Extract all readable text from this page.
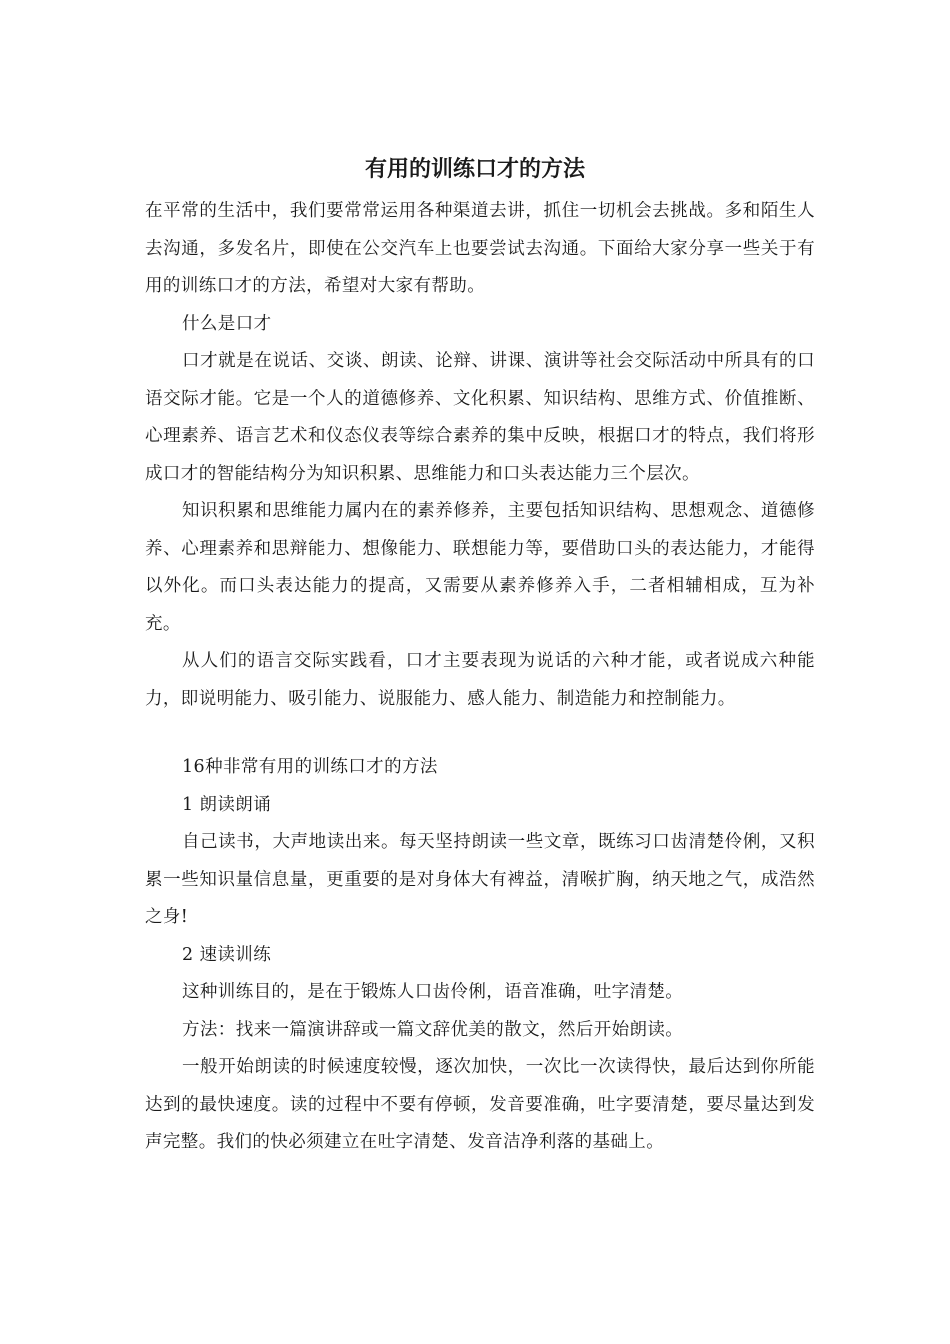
有用的训练口才的方法

在平常的生活中，我们要常常运用各种渠道去讲，抓住一切机会去挑战。多和陌生人去沟通，多发名片，即使在公交汽车上也要尝试去沟通。下面给大家分享一些关于有用的训练口才的方法，希望对大家有帮助。

什么是口才

口才就是在说话、交谈、朗读、论辩、讲课、演讲等社会交际活动中所具有的口语交际才能。它是一个人的道德修养、文化积累、知识结构、思维方式、价值推断、心理素养、语言艺术和仪态仪表等综合素养的集中反映，根据口才的特点，我们将形成口才的智能结构分为知识积累、思维能力和口头表达能力三个层次。

知识积累和思维能力属内在的素养修养，主要包括知识结构、思想观念、道德修养、心理素养和思辩能力、想像能力、联想能力等，要借助口头的表达能力，才能得以外化。而口头表达能力的提高，又需要从素养修养入手，二者相辅相成，互为补充。

从人们的语言交际实践看，口才主要表现为说话的六种才能，或者说成六种能力，即说明能力、吸引能力、说服能力、感人能力、制造能力和控制能力。

16种非常有用的训练口才的方法

1 朗读朗诵

自己读书，大声地读出来。每天坚持朗读一些文章，既练习口齿清楚伶俐，又积累一些知识量信息量，更重要的是对身体大有裨益，清喉扩胸，纳天地之气，成浩然之身!

2 速读训练

这种训练目的，是在于锻炼人口齿伶俐，语音准确，吐字清楚。

方法：找来一篇演讲辞或一篇文辞优美的散文，然后开始朗读。

一般开始朗读的时候速度较慢，逐次加快，一次比一次读得快，最后达到你所能达到的最快速度。读的过程中不要有停顿，发音要准确，吐字要清楚，要尽量达到发声完整。我们的快必须建立在吐字清楚、发音洁净利落的基础上。
